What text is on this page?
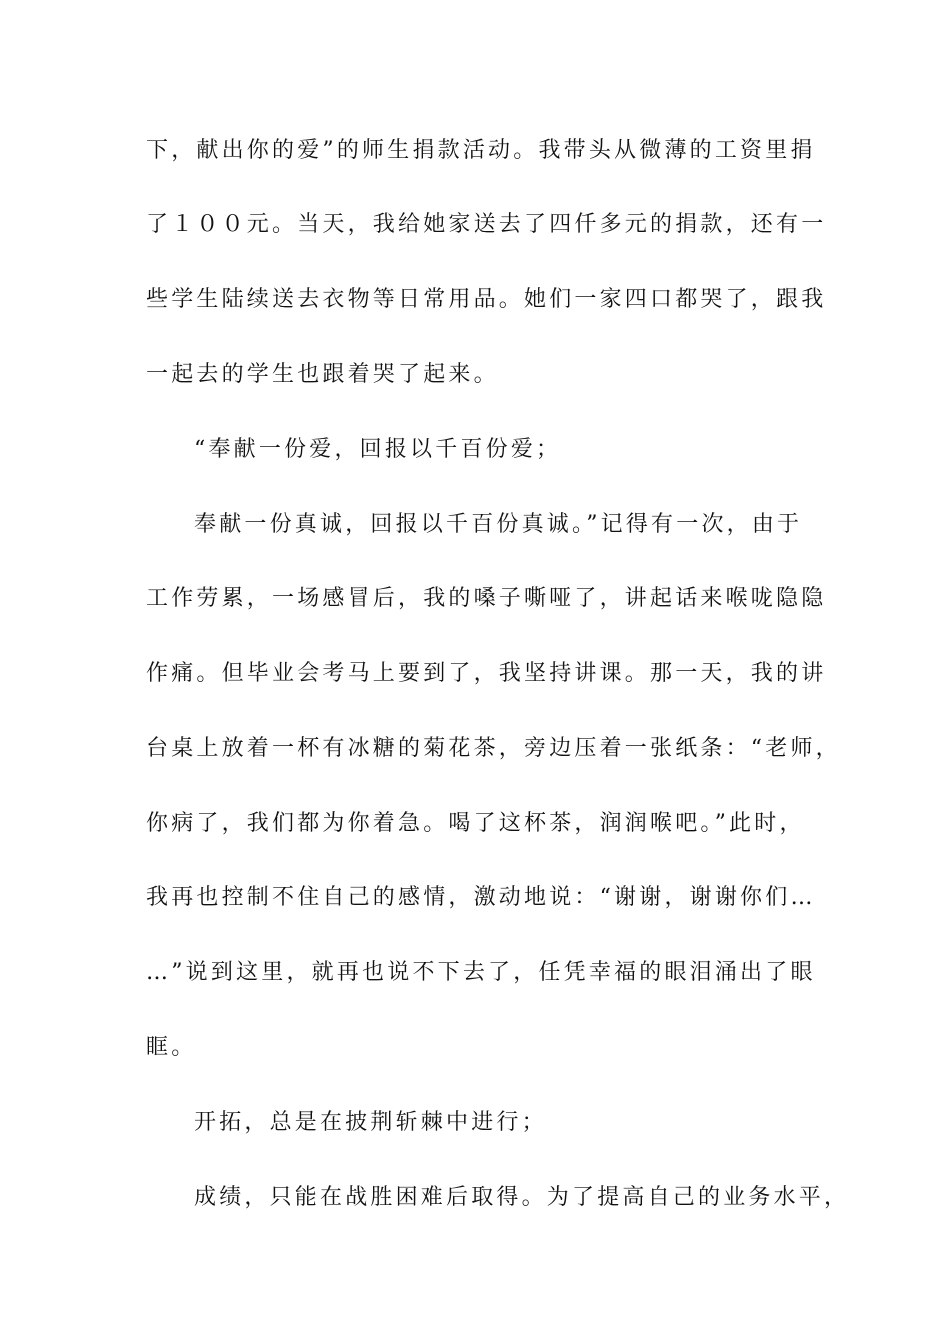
下，献出你的爱”的师生捐款活动。我带头从微薄的工资里捐
了１００元。当天，我给她家送去了四仟多元的捐款，还有一
些学生陆续送去衣物等日常用品。她们一家四口都哭了，跟我
一起去的学生也跟着哭了起来。
“奉献一份爱，回报以千百份爱；
奉献一份真诚，回报以千百份真诚。”记得有一次，由于
工作劳累，一场感冒后，我的嗓子嘶哑了，讲起话来喉咙隐隐
作痛。但毕业会考马上要到了，我坚持讲课。那一天，我的讲
台桌上放着一杯有冰糖的菊花茶，旁边压着一张纸条：“老师，
你病了，我们都为你着急。喝了这杯茶，润润喉吧。”此时，
我再也控制不住自己的感情，激动地说：“谢谢，谢谢你们…
…”说到这里，就再也说不下去了，任凭幸福的眼泪涌出了眼
眶。
开拓，总是在披荆斩棘中进行；
成绩，只能在战胜困难后取得。为了提高自己的业务水平，
